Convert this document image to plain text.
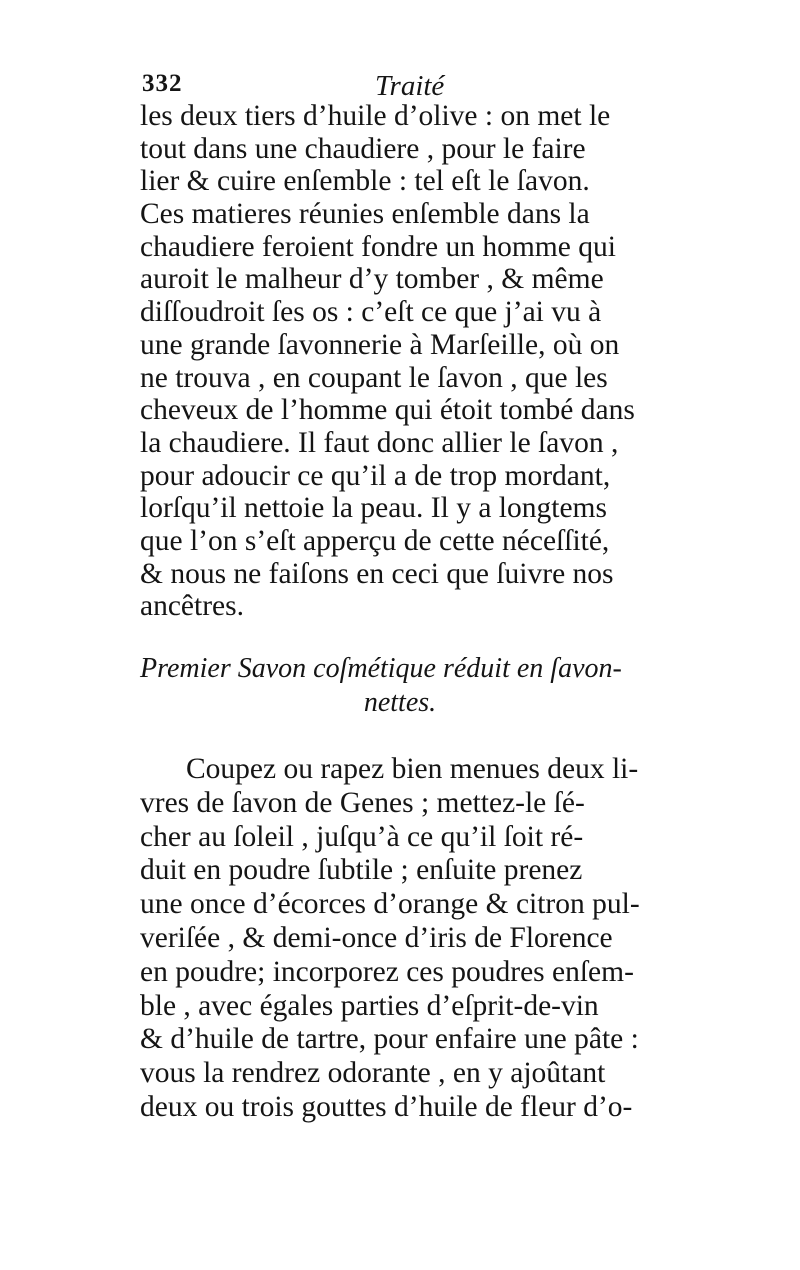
332	Traité
les deux tiers d’huile d’olive : on met le
tout dans une chaudiere , pour le faire
lier & cuire enſemble : tel eſt le ſavon.
Ces matieres réunies enſemble dans la
chaudiere feroient fondre un homme qui
auroit le malheur d’y tomber , & même
diſſoudroit ſes os : c’eſt ce que j’ai vu à
une grande ſavonnerie à Marſeille, où on
ne trouva , en coupant le ſavon , que les
cheveux de l’homme qui étoit tombé dans
la chaudiere. Il faut donc allier le ſavon ,
pour adoucir ce qu’il a de trop mordant,
lorſqu’il nettoie la peau. Il y a longtems
que l’on s’eſt apperçu de cette néceſſité,
& nous ne faiſons en ceci que ſuivre nos
ancêtres.
Premier Savon coſmétique réduit en ſavon-
nettes.
Coupez ou rapez bien menues deux li-
vres de ſavon de Genes ; mettez-le ſé-
cher au ſoleil , juſqu’à ce qu’il ſoit ré-
duit en poudre ſubtile ; enſuite prenez
une once d’écorces d’orange & citron pul-
veriſée , & demi-once d’iris de Florence
en poudre; incorporez ces poudres enſem-
ble , avec égales parties d’eſprit-de-vin
& d’huile de tartre, pour enfaire une pâte :
vous la rendrez odorante , en y ajoûtant
deux ou trois gouttes d’huile de fleur d’o-
